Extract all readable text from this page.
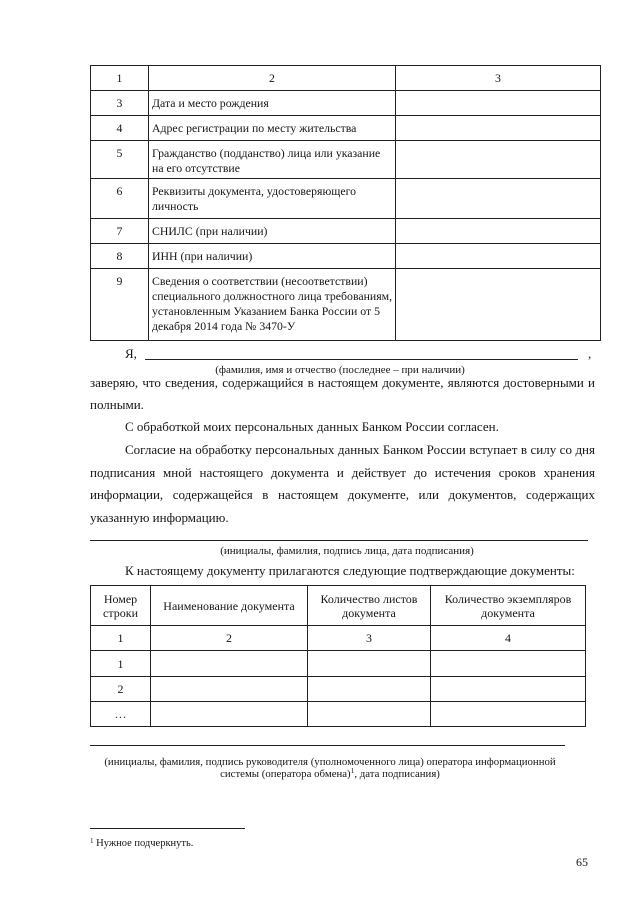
1	2	3
3	Дата и место рождения	
4	Адрес регистрации по месту жительства	
5	Гражданство (подданство) лица или указание
на его отсутствие	
6	Реквизиты документа, удостоверяющего
личность	
7	СНИЛС (при наличии)	
8	ИНН (при наличии)	
9	Сведения о соответствии (несоответствии)
специального должностного лица требованиям,
установленным Указанием Банка России от 5
декабря 2014 года № 3470-У	
Я,	,
(фамилия, имя и отчество (последнее – при наличии)
заверяю, что сведения, содержащийся в настоящем документе, являются достоверными и
полными.
С обработкой моих персональных данных Банком России согласен.
Согласие на обработку персональных данных Банком России вступает в силу со дня
подписания мной настоящего документа и действует до истечения сроков хранения
информации, содержащейся в настоящем документе, или документов, содержащих
указанную информацию.
(инициалы, фамилия, подпись лица, дата подписания)
К настоящему документу прилагаются следующие подтверждающие документы:
Номер строки	Наименование документа	Количество листов документа	Количество экземпляров документа
1	2	3	4
1			
2			
…			
(инициалы, фамилия, подпись руководителя (уполномоченного лица) оператора информационной
системы (оператора обмена)$^1$, дата подписания)
$^1$ Нужное подчеркнуть.
65
